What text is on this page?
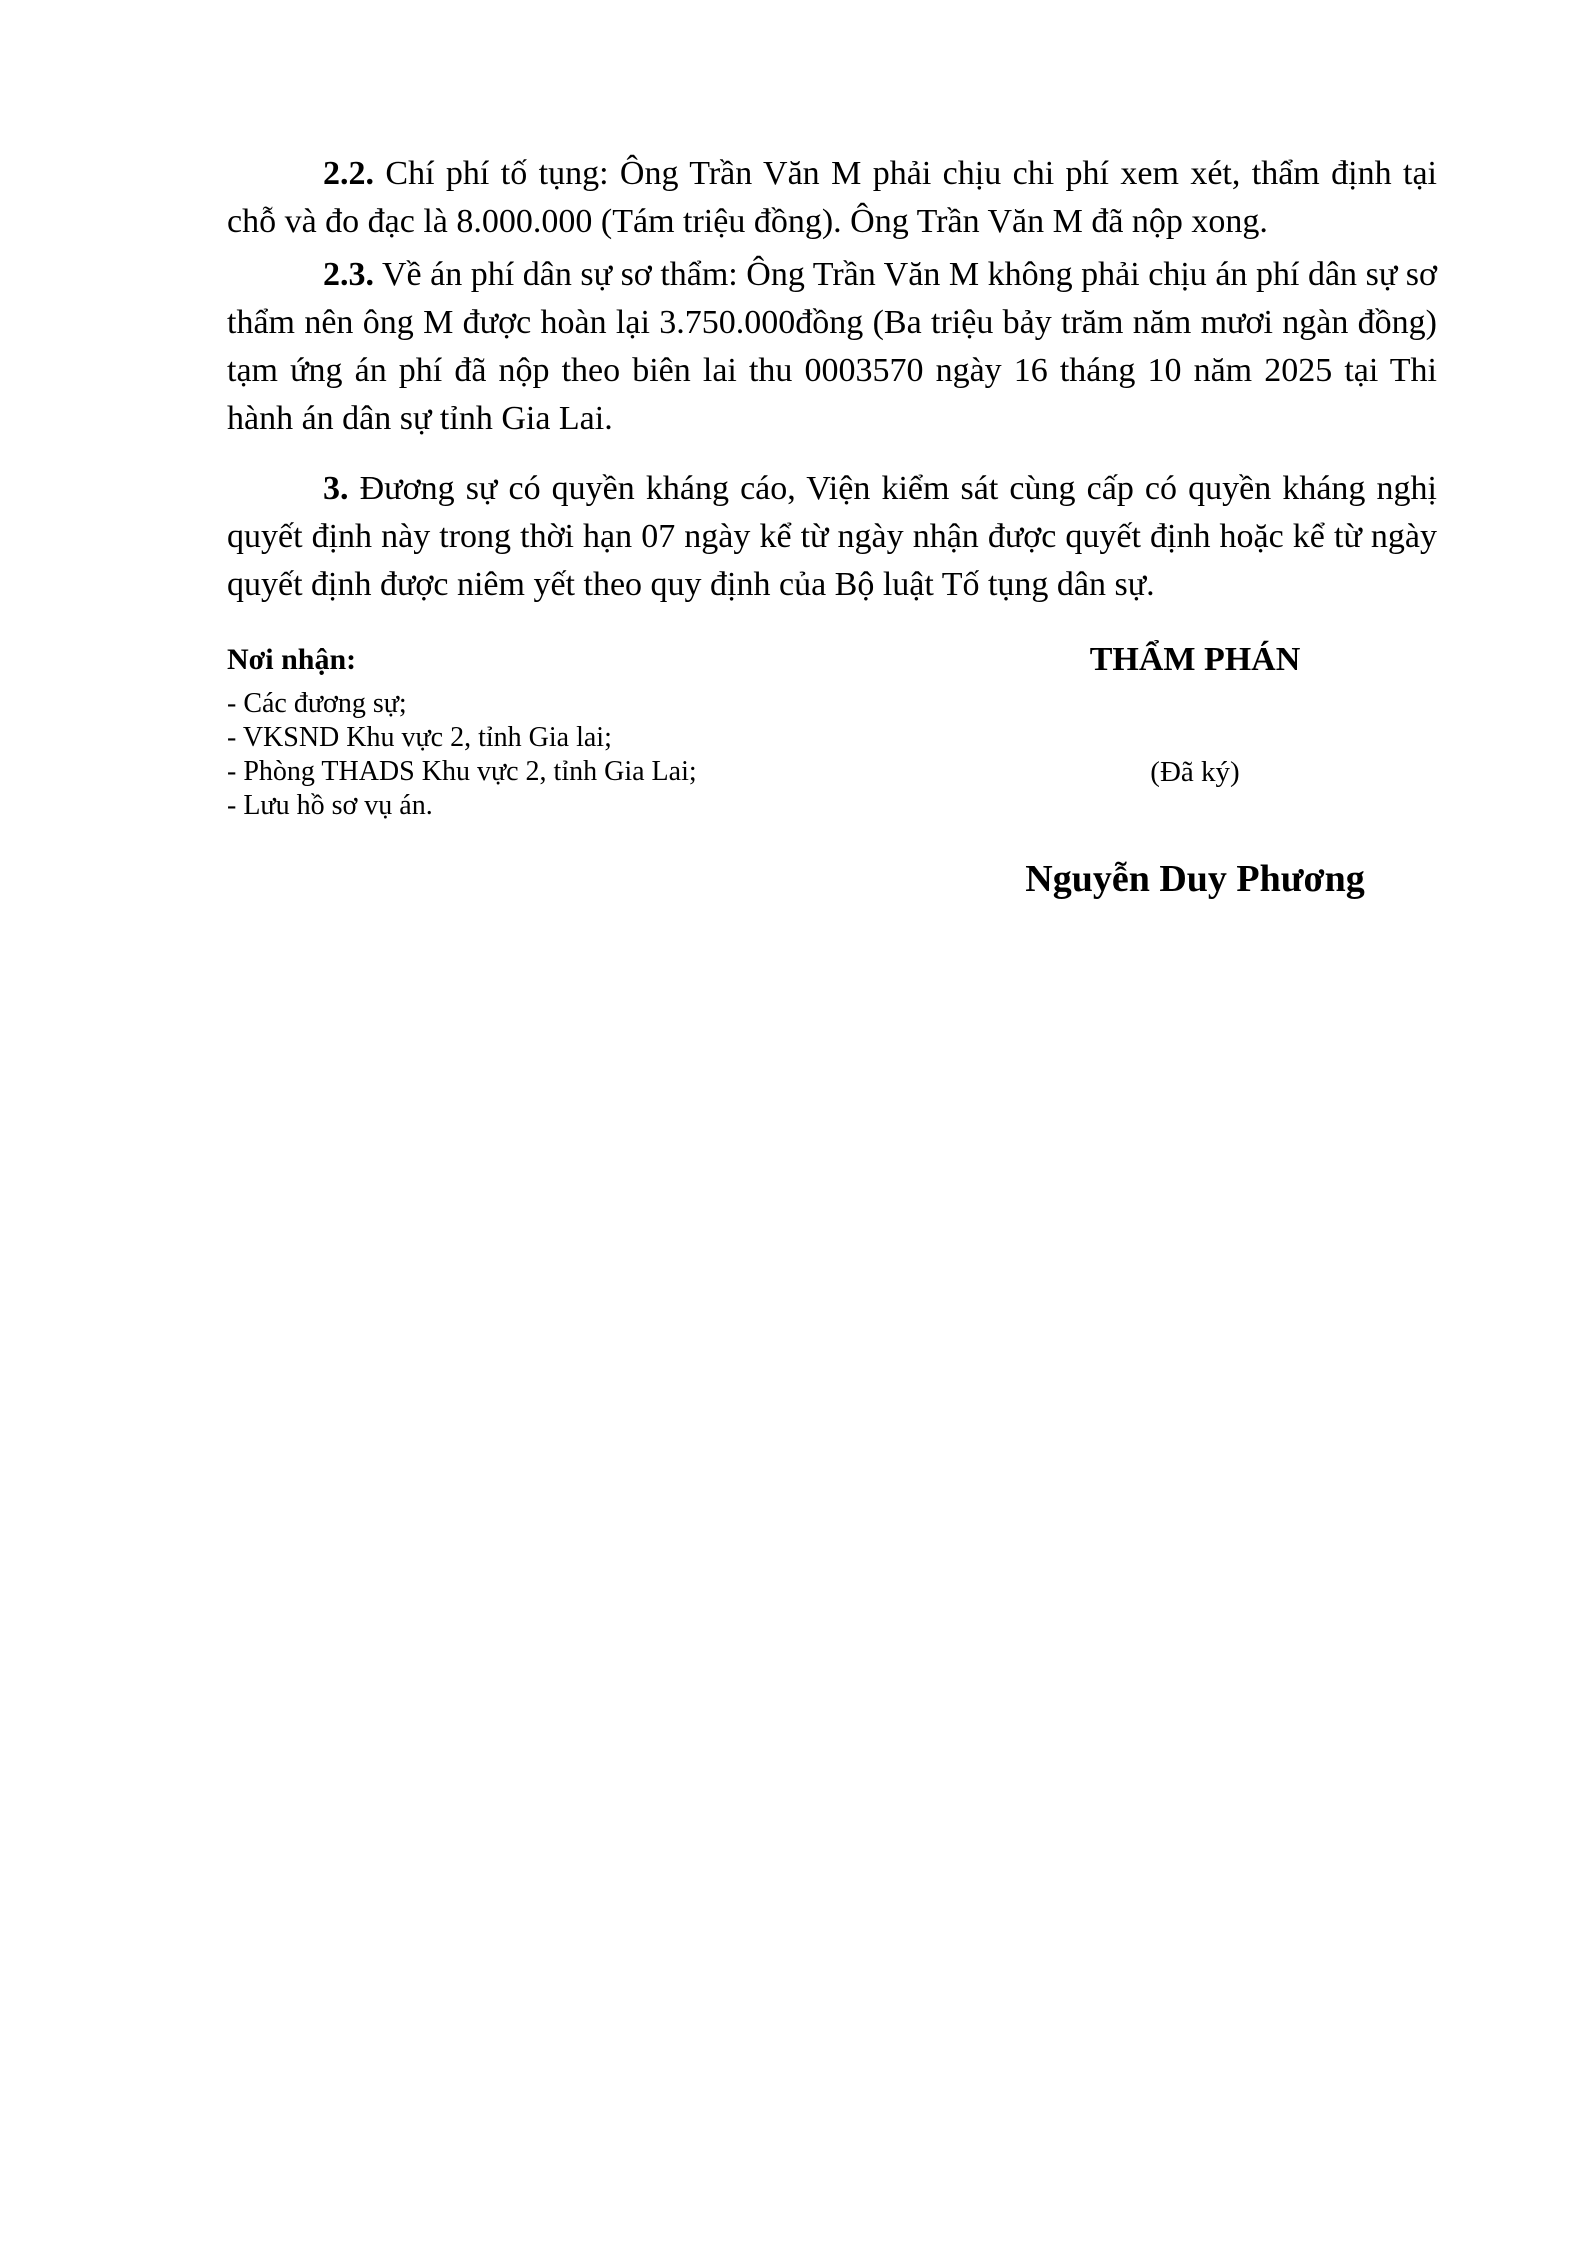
2.2. Chí phí tố tụng: Ông Trần Văn M phải chịu chi phí xem xét, thẩm định tại chỗ và đo đạc là 8.000.000 (Tám triệu đồng). Ông Trần Văn M đã nộp xong.

2.3. Về án phí dân sự sơ thẩm: Ông Trần Văn M không phải chịu án phí dân sự sơ thẩm nên ông M được hoàn lại 3.750.000đồng (Ba triệu bảy trăm năm mươi ngàn đồng) tạm ứng án phí đã nộp theo biên lai thu 0003570 ngày 16 tháng 10 năm 2025 tại Thi hành án dân sự tỉnh Gia Lai.

3. Đương sự có quyền kháng cáo, Viện kiểm sát cùng cấp có quyền kháng nghị quyết định này trong thời hạn 07 ngày kể từ ngày nhận được quyết định hoặc kể từ ngày quyết định được niêm yết theo quy định của Bộ luật Tố tụng dân sự.

Nơi nhận:
- Các đương sự;
- VKSND Khu vực 2, tỉnh Gia lai;
- Phòng THADS Khu vực 2, tỉnh Gia Lai;
- Lưu hồ sơ vụ án.
THẨM PHÁN
(Đã ký)
Nguyễn Duy Phương
